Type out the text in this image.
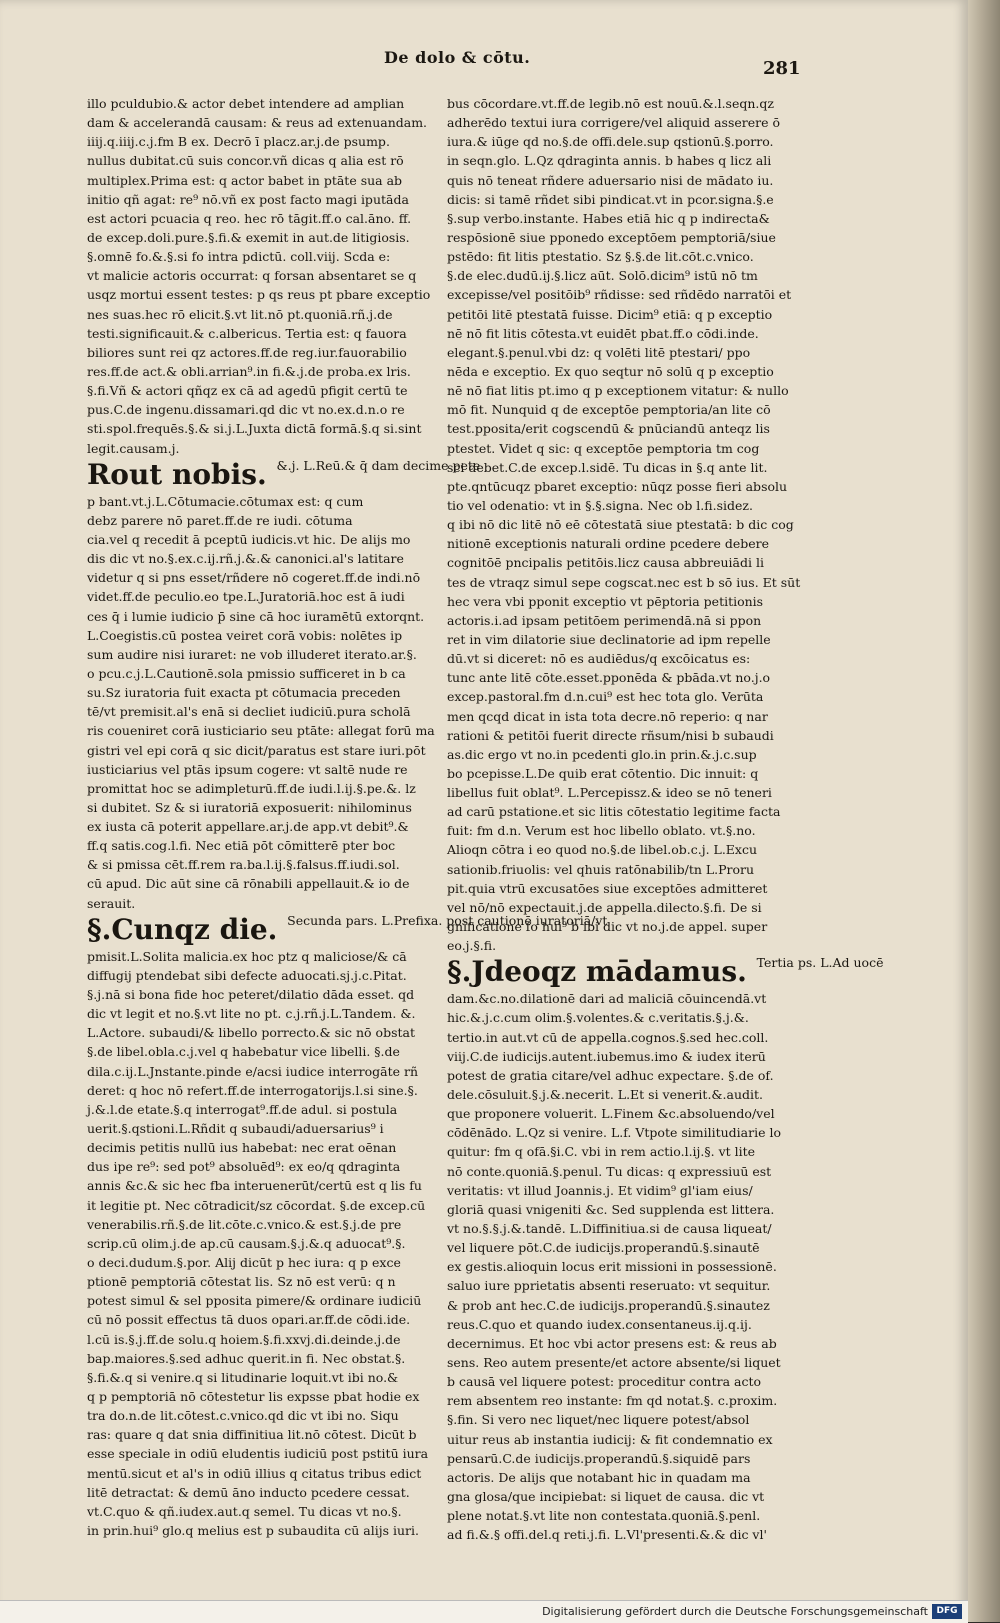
De dolo & cōtu.
281
illo pculdubio.& actor debet intendere ad amplian
dam & accelerandā causam: & reus ad extenuandam.
iiij.q.iiij.c.j.fm B ex. Decrō ī placz.ar.j.de psump.
nullus dubitat.cū suis concor.vñ dicas q alia est rō
multiplex.Prima est: q actor babet in ptāte sua ab
initio qñ agat: re⁹ nō.vñ ex post facto magi iputāda
est actori pcuacia q reo. hec rō tāgit.ff.o cal.āno. ff.
de excep.doli.pure.§.fi.& exemit in aut.de litigiosis.
§.omnē fo.&.§.si fo intra pdictū. coll.viij. Scda e:
vt malicie actoris occurrat: q forsan absentaret se q
usqz mortui essent testes: p qs reus pt pbare exceptio
nes suas.hec rō elicit.§.vt lit.nō pt.quoniā.rñ.j.de
testi.significauit.& c.albericus. Tertia est: q fauora
biliores sunt rei qz actores.ff.de reg.iur.fauorabilio
res.ff.de act.& obli.arrian⁹.in fi.&.j.de proba.ex lris.
§.fi.Vñ & actori qñqz ex cā ad agedū pfigit certū te
pus.C.de ingenu.dissamari.qd dic vt no.ex.d.n.o re
sti.spol.frequēs.§.& si.j.L.Juxta dictā formā.§.q si.sint
legit.causam.j.
Rout nobis. $^{\&.j. L.Reū.\& q̄ dam decime pete}$
p bant.vt.j.L.Cōtumacie.cōtumax est: q cum
debz parere nō paret.ff.de re iudi. cōtuma
cia.vel q recedit ā pceptū iudicis.vt hic. De alijs mo
dis dic vt no.§.ex.c.ij.rñ.j.&.& canonici.al's latitare
videtur q si pns esset/rñdere nō cogeret.ff.de indi.nō
videt.ff.de peculio.eo tpe.L.Juratoriā.hoc est ā iudi
ces q̄ i lumie iudicio p̄ sine cā hoc iuramētū extorqnt.
L.Coegistis.cū postea veiret corā vobis: nolētes ip
sum audire nisi iuraret: ne vob illuderet iterato.ar.§.
o pcu.c.j.L.Cautionē.sola pmissio sufficeret in b ca
su.Sz iuratoria fuit exacta pt cōtumacia preceden
tē/vt premisit.al's enā si decliet iudiciū.pura scholā
ris coueniret corā iusticiario seu ptāte: allegat forū ma
gistri vel epi corā q sic dicit/paratus est stare iuri.pōt
iusticiarius vel ptās ipsum cogere: vt saltē nude re
promittat hoc se adimpleturū.ff.de iudi.l.ij.§.pe.&. lz
si dubitet. Sz & si iuratoriā exposuerit: nihilominus
ex iusta cā poterit appellare.ar.j.de app.vt debit⁹.&
ff.q satis.cog.l.fi. Nec etiā pōt cōmitterē pter boc
& si pmissa cēt.ff.rem ra.ba.l.ij.§.falsus.ff.iudi.sol.
cū apud. Dic aūt sine cā rōnabili appellauit.& io de
serauit.
§.Cunqz die. $^{Secunda pars. L.Prefixa. post cautionē iuratoriā/vt}$
pmisit.L.Solita malicia.ex hoc ptz q maliciose/& cā
diffugij ptendebat sibi defecte aduocati.sj.j.c.Pitat.
§.j.nā si bona fide hoc peteret/dilatio dāda esset. qd
dic vt legit et no.§.vt lite no pt. c.j.rñ.j.L.Tandem. &.
L.Actore. subaudi/& libello porrecto.& sic nō obstat
§.de libel.obla.c.j.vel q habebatur vice libelli. §.de
dila.c.ij.L.Jnstante.pinde e/acsi iudice interrogāte rñ
deret: q hoc nō refert.ff.de interrogatorijs.l.si sine.§.
j.&.l.de etate.§.q interrogat⁹.ff.de adul. si postula
uerit.§.qstioni.L.Rñdit q subaudi/aduersarius⁹ i
decimis petitis nullū ius habebat: nec erat oēnan
dus ipe re⁹: sed pot⁹ absoluēd⁹: ex eo/q qdraginta
annis &c.& sic hec fba interuenerūt/certū est q lis fu
it legitie pt. Nec cōtradicit/sz cōcordat. §.de excep.cū
venerabilis.rñ.§.de lit.cōte.c.vnico.& est.§.j.de pre
scrip.cū olim.j.de ap.cū causam.§.j.&.q aduocat⁹.§.
o deci.dudum.§.por. Alij dicūt p hec iura: q p exce
ptionē pemptoriā cōtestat lis. Sz nō est verū: q n
potest simul & sel pposita pimere/& ordinare iudiciū
cū nō possit effectus tā duos opari.ar.ff.de cōdi.ide.
l.cū is.§.j.ff.de solu.q hoiem.§.fi.xxvj.di.deinde.j.de
bap.maiores.§.sed adhuc querit.in fi. Nec obstat.§.
§.fi.&.q si venire.q si litudinarie loquit.vt ibi no.&
q p pemptoriā nō cōtestetur lis expsse pbat hodie ex
tra do.n.de lit.cōtest.c.vnico.qd dic vt ibi no. Siqu
ras: quare q dat snia diffinitiua lit.nō cōtest. Dicūt b
esse speciale in odiū eludentis iudiciū post pstitū iura
mentū.sicut et al's in odiū illius q citatus tribus edict
litē detractat: & demū āno inducto pcedere cessat.
vt.C.quo & qñ.iudex.aut.q semel. Tu dicas vt no.§.
in prin.hui⁹ glo.q melius est p subaudita cū alijs iuri.
bus cōcordare.vt.ff.de legib.nō est nouū.&.l.seqn.qz
adherēdo textui iura corrigere/vel aliquid asserere ō
iura.& iūge qd no.§.de offi.dele.sup qstionū.§.porro.
in seqn.glo. L.Qz qdraginta annis. b habes q licz ali
quis nō teneat rñdere aduersario nisi de mādato iu.
dicis: si tamē rñdet sibi pindicat.vt in pcor.signa.§.e
§.sup verbo.instante. Habes etiā hic q p indirecta&
respōsionē siue pponedo exceptōem pemptoriā/siue
pstēdo: fit litis ptestatio. Sz §.§.de lit.cōt.c.vnico.
§.de elec.dudū.ij.§.licz aūt. Solō.dicim⁹ istū nō tm
excepisse/vel positōib⁹ rñdisse: sed rñdēdo narratōi et
petitōi litē ptestatā fuisse. Dicim⁹ etiā: q p exceptio
nē nō fit litis cōtesta.vt euidēt pbat.ff.o cōdi.inde.
elegant.§.penul.vbi dz: q volēti litē ptestari/ ppo
nēda e exceptio. Ex quo seqtur nō solū q p exceptio
nē nō fiat litis pt.imo q p exceptionem vitatur: & nullo
mō fit. Nunquid q de exceptōe pemptoria/an lite cō
test.pposita/erit cogscendū & pnūciandū anteqz lis
ptestet. Videt q sic: q exceptōe pemptoria tm cog
sci debet.C.de excep.l.sidē. Tu dicas in §.q ante lit.
pte.qntūcuqz pbaret exceptio: nūqz posse fieri absolu
tio vel odenatio: vt in §.§.signa. Nec ob l.fi.sidez.
q ibi nō dic litē nō eē cōtestatā siue ptestatā: b dic cog
nitionē exceptionis naturali ordine pcedere debere
cognitōē pncipalis petitōis.licz causa abbreuiādi li
tes de vtraqz simul sepe cogscat.nec est b sō ius. Et sūt
hec vera vbi pponit exceptio vt pēptoria petitionis
actoris.i.ad ipsam petitōem perimendā.nā si ppon
ret in vim dilatorie siue declinatorie ad ipm repelle
dū.vt si diceret: nō es audiēdus/q excōicatus es:
tunc ante litē cōte.esset.pponēda & pbāda.vt no.j.o
excep.pastoral.fm d.n.cui⁹ est hec tota glo. Verūta
men qcqd dicat in ista tota decre.nō reperio: q nar
rationi & petitōi fuerit directe rñsum/nisi b subaudi
as.dic ergo vt no.in pcedenti glo.in prin.&.j.c.sup
bo pcepisse.L.De quib erat cōtentio. Dic innuit: q
libellus fuit oblat⁹. L.Percepissz.& ideo se nō teneri
ad carū pstatione.et sic litis cōtestatio legitime facta
fuit: fm d.n. Verum est hoc libello oblato. vt.§.no.
Alioqn cōtra i eo quod no.§.de libel.ob.c.j. L.Excu
sationib.friuolis: vel qhuis ratōnabilib/tn L.Proru
pit.quia vtrū excusatōes siue exceptōes admitteret
vel nō/nō expectauit.j.de appella.dilecto.§.fi. De si
gnificatione fo hui⁹ b ibi dic vt no.j.de appel. super
eo.j.§.fi.
§.Jdeoqz mādamus. $^{Tertia ps. L.Ad uocē}$
dam.&c.no.dilationē dari ad maliciā cōuincendā.vt
hic.&.j.c.cum olim.§.volentes.& c.veritatis.§.j.&.
tertio.in aut.vt cū de appella.cognos.§.sed hec.coll.
viij.C.de iudicijs.autent.iubemus.imo & iudex iterū
potest de gratia citare/vel adhuc expectare. §.de of.
dele.cōsuluit.§.j.&.necerit. L.Et si venerit.&.audit.
que proponere voluerit. L.Finem &c.absoluendo/vel
cōdēnādo. L.Qz si venire. L.f. Vtpote similitudiarie lo
quitur: fm q ofā.§i.C. vbi in rem actio.l.ij.§. vt lite
nō conte.quoniā.§.penul. Tu dicas: q expressiuū est
veritatis: vt illud Joannis.j. Et vidim⁹ gl'iam eius/
gloriā quasi vnigeniti &c. Sed supplenda est littera.
vt no.§.§.j.&.tandē. L.Diffinitiua.si de causa liqueat/
vel liquere pōt.C.de iudicijs.properandū.§.sinautē
ex gestis.alioquin locus erit missioni in possessionē.
saluo iure pprietatis absenti reseruato: vt sequitur.
& prob ant hec.C.de iudicijs.properandū.§.sinautez
reus.C.quo et quando iudex.consentaneus.ij.q.ij.
decernimus. Et hoc vbi actor presens est: & reus ab
sens. Reo autem presente/et actore absente/si liquet
b causā vel liquere potest: proceditur contra acto
rem absentem reo instante: fm qd notat.§. c.proxim.
§.fin. Si vero nec liquet/nec liquere potest/absol
uitur reus ab instantia iudicij: & fit condemnatio ex
pensarū.C.de iudicijs.properandū.§.siquidē pars
actoris. De alijs que notabant hic in quadam ma
gna glosa/que incipiebat: si liquet de causa. dic vt
plene notat.§.vt lite non contestata.quoniā.§.penl.
ad fi.&.§ offi.del.q reti.j.fi. L.Vl'presenti.&.& dic vl'
Digitalisierung gefördert durch die Deutsche Forschungsgemeinschaft DFG
